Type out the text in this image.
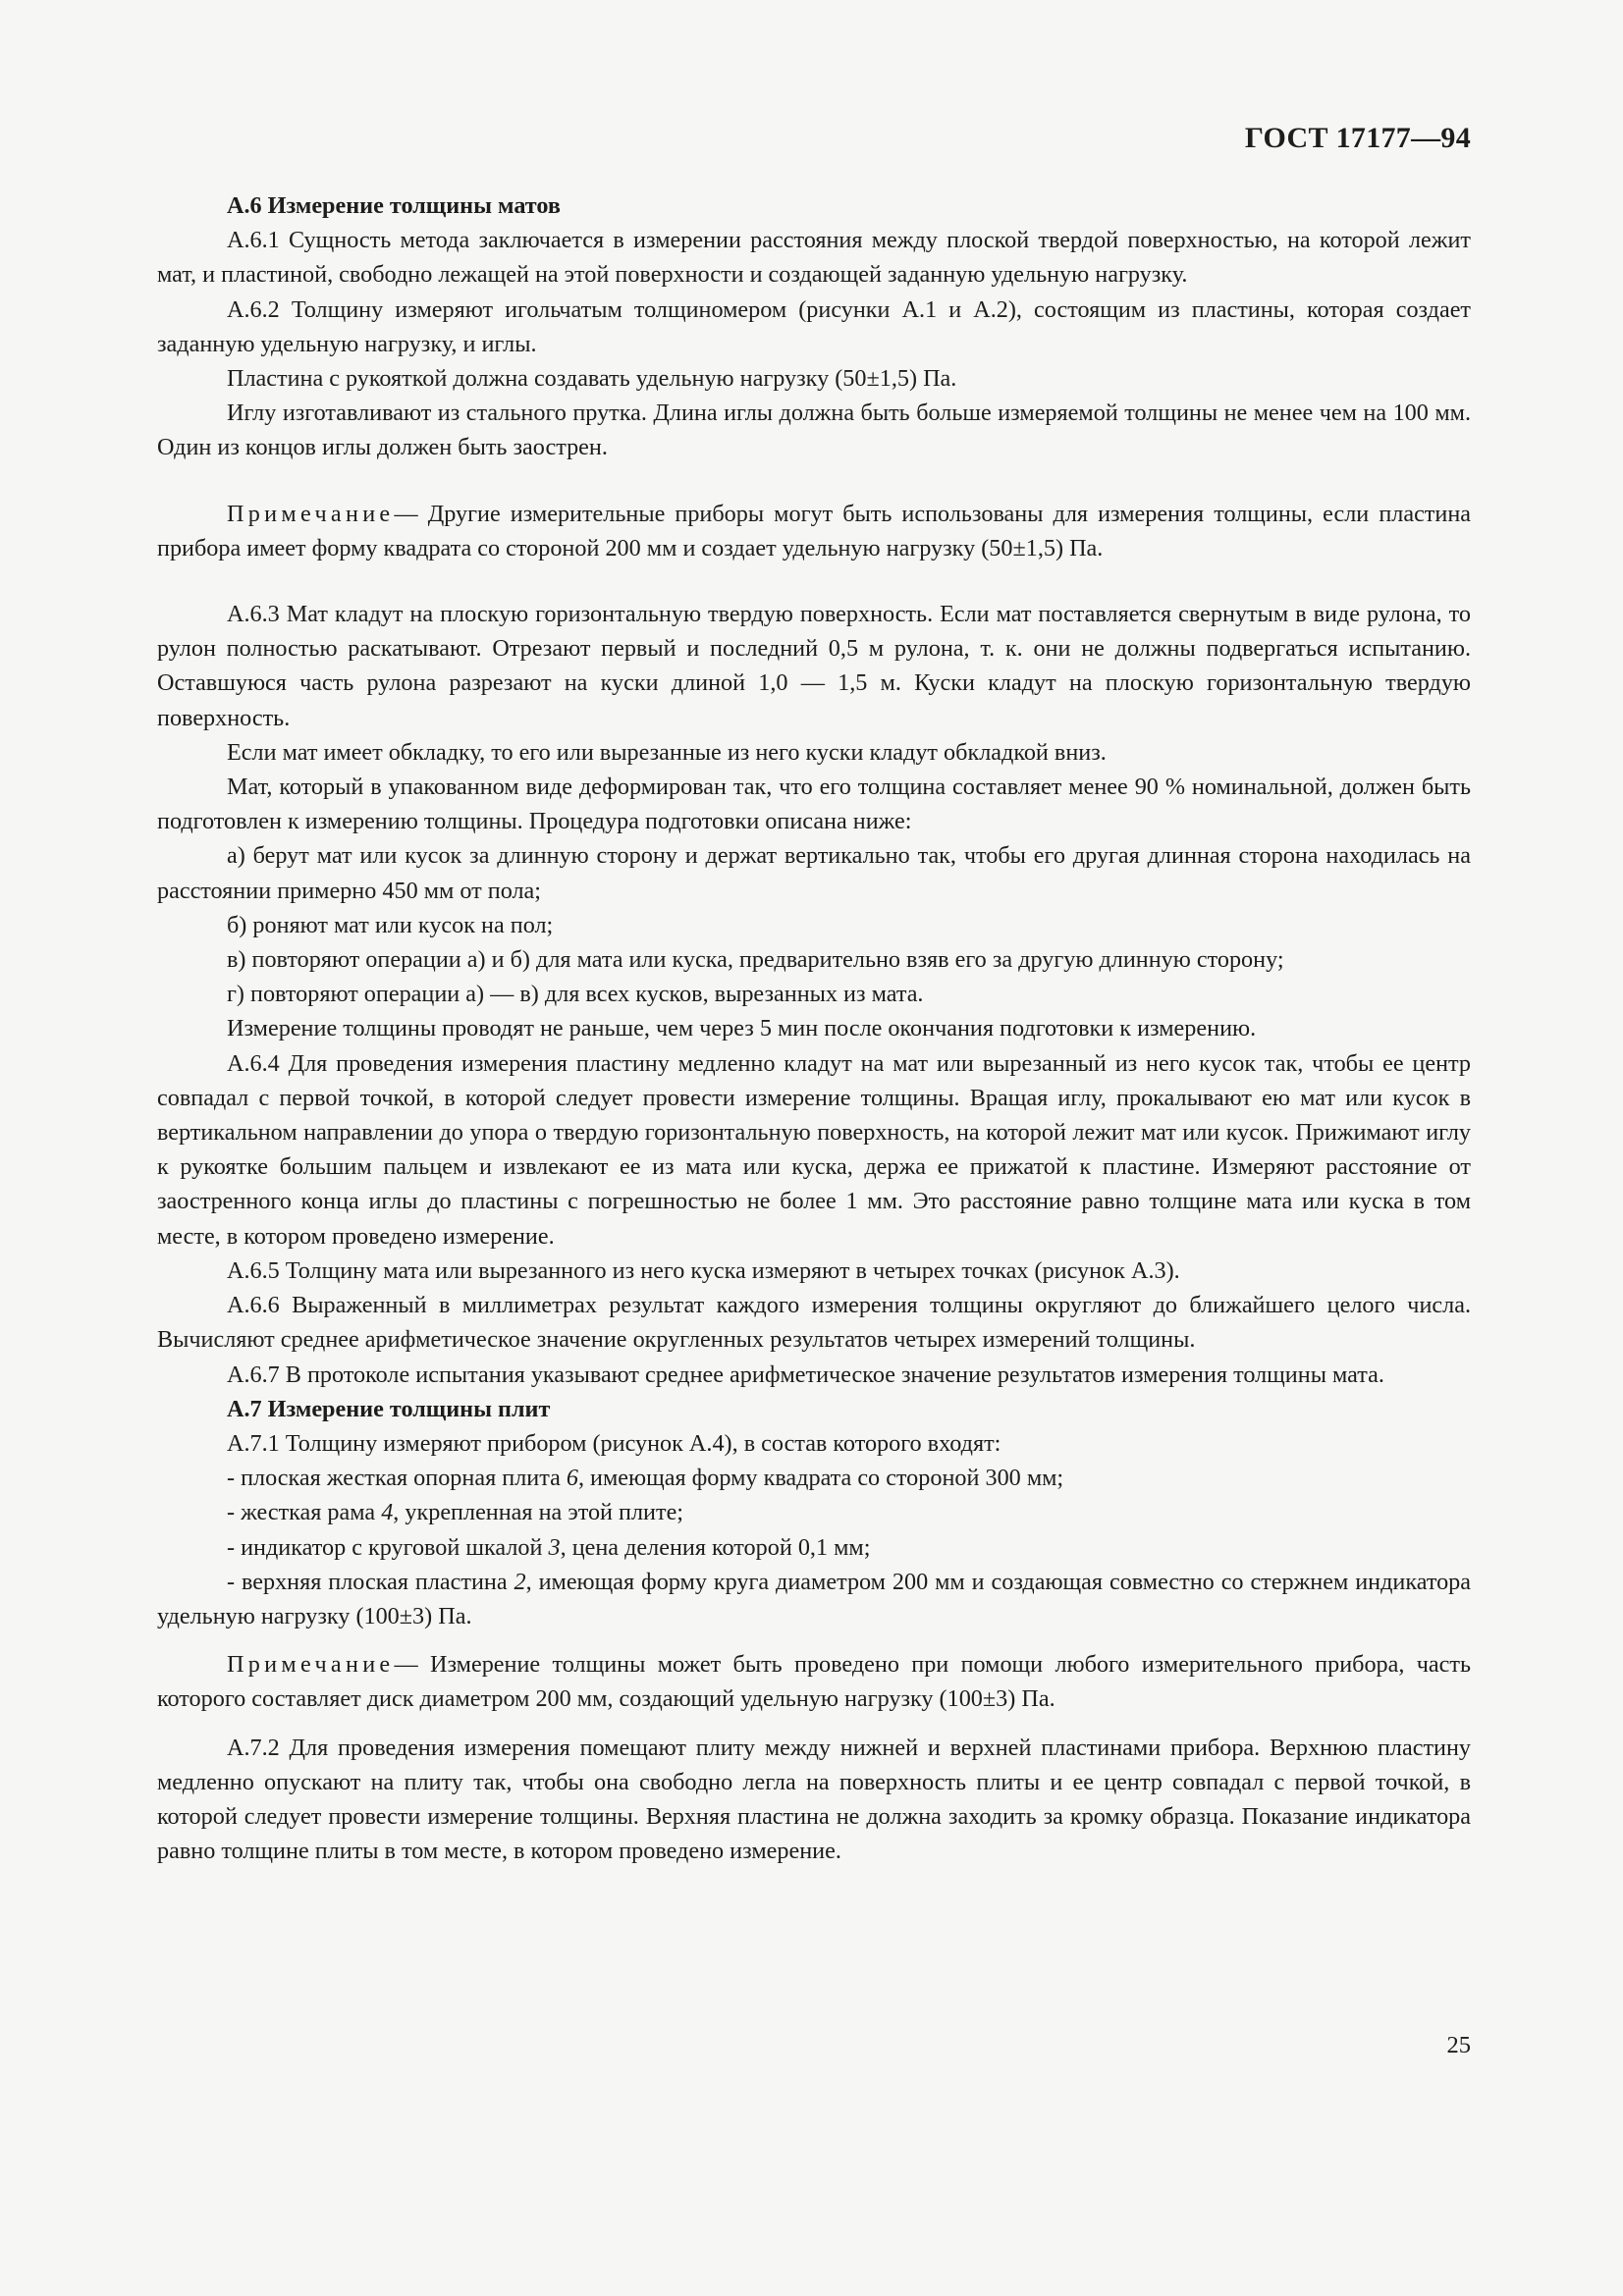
ГОСТ 17177—94

А.6 Измерение толщины матов

А.6.1 Сущность метода заключается в измерении расстояния между плоской твердой поверхностью, на которой лежит мат, и пластиной, свободно лежащей на этой поверхности и создающей заданную удельную нагрузку.

А.6.2 Толщину измеряют игольчатым толщиномером (рисунки А.1 и А.2), состоящим из пластины, которая создает заданную удельную нагрузку, и иглы.

Пластина с рукояткой должна создавать удельную нагрузку (50±1,5) Па.

Иглу изготавливают из стального прутка. Длина иглы должна быть больше измеряемой толщины не менее чем на 100 мм. Один из концов иглы должен быть заострен.

Примечание— Другие измерительные приборы могут быть использованы для измерения толщины, если пластина прибора имеет форму квадрата со стороной 200 мм и создает удельную нагрузку (50±1,5) Па.

А.6.3 Мат кладут на плоскую горизонтальную твердую поверхность. Если мат поставляется свернутым в виде рулона, то рулон полностью раскатывают. Отрезают первый и последний 0,5 м рулона, т. к. они не должны подвергаться испытанию. Оставшуюся часть рулона разрезают на куски длиной 1,0 — 1,5 м. Куски кладут на плоскую горизонтальную твердую поверхность.

Если мат имеет обкладку, то его или вырезанные из него куски кладут обкладкой вниз.

Мат, который в упакованном виде деформирован так, что его толщина составляет менее 90 % номинальной, должен быть подготовлен к измерению толщины. Процедура подготовки описана ниже:

а) берут мат или кусок за длинную сторону и держат вертикально так, чтобы его другая длинная сторона находилась на расстоянии примерно 450 мм от пола;

б) роняют мат или кусок на пол;

в) повторяют операции а) и б) для мата или куска, предварительно взяв его за другую длинную сторону;

г) повторяют операции а) — в) для всех кусков, вырезанных из мата.

Измерение толщины проводят не раньше, чем через 5 мин после окончания подготовки к измерению.

А.6.4 Для проведения измерения пластину медленно кладут на мат или вырезанный из него кусок так, чтобы ее центр совпадал с первой точкой, в которой следует провести измерение толщины. Вращая иглу, прокалывают ею мат или кусок в вертикальном направлении до упора о твердую горизонтальную поверхность, на которой лежит мат или кусок. Прижимают иглу к рукоятке большим пальцем и извлекают ее из мата или куска, держа ее прижатой к пластине. Измеряют расстояние от заостренного конца иглы до пластины с погрешностью не более 1 мм. Это расстояние равно толщине мата или куска в том месте, в котором проведено измерение.

А.6.5 Толщину мата или вырезанного из него куска измеряют в четырех точках (рисунок А.3).

А.6.6 Выраженный в миллиметрах результат каждого измерения толщины округляют до ближайшего целого числа. Вычисляют среднее арифметическое значение округленных результатов четырех измерений толщины.

А.6.7 В протоколе испытания указывают среднее арифметическое значение результатов измерения толщины мата.

А.7 Измерение толщины плит

А.7.1 Толщину измеряют прибором (рисунок А.4), в состав которого входят:

- плоская жесткая опорная плита 6, имеющая форму квадрата со стороной 300 мм;

- жесткая рама 4, укрепленная на этой плите;

- индикатор с круговой шкалой 3, цена деления которой 0,1 мм;

- верхняя плоская пластина 2, имеющая форму круга диаметром 200 мм и создающая совместно со стержнем индикатора удельную нагрузку (100±3) Па.

Примечание— Измерение толщины может быть проведено при помощи любого измерительного прибора, часть которого составляет диск диаметром 200 мм, создающий удельную нагрузку (100±3) Па.

А.7.2 Для проведения измерения помещают плиту между нижней и верхней пластинами прибора. Верхнюю пластину медленно опускают на плиту так, чтобы она свободно легла на поверхность плиты и ее центр совпадал с первой точкой, в которой следует провести измерение толщины. Верхняя пластина не должна заходить за кромку образца. Показание индикатора равно толщине плиты в том месте, в котором проведено измерение.

25
